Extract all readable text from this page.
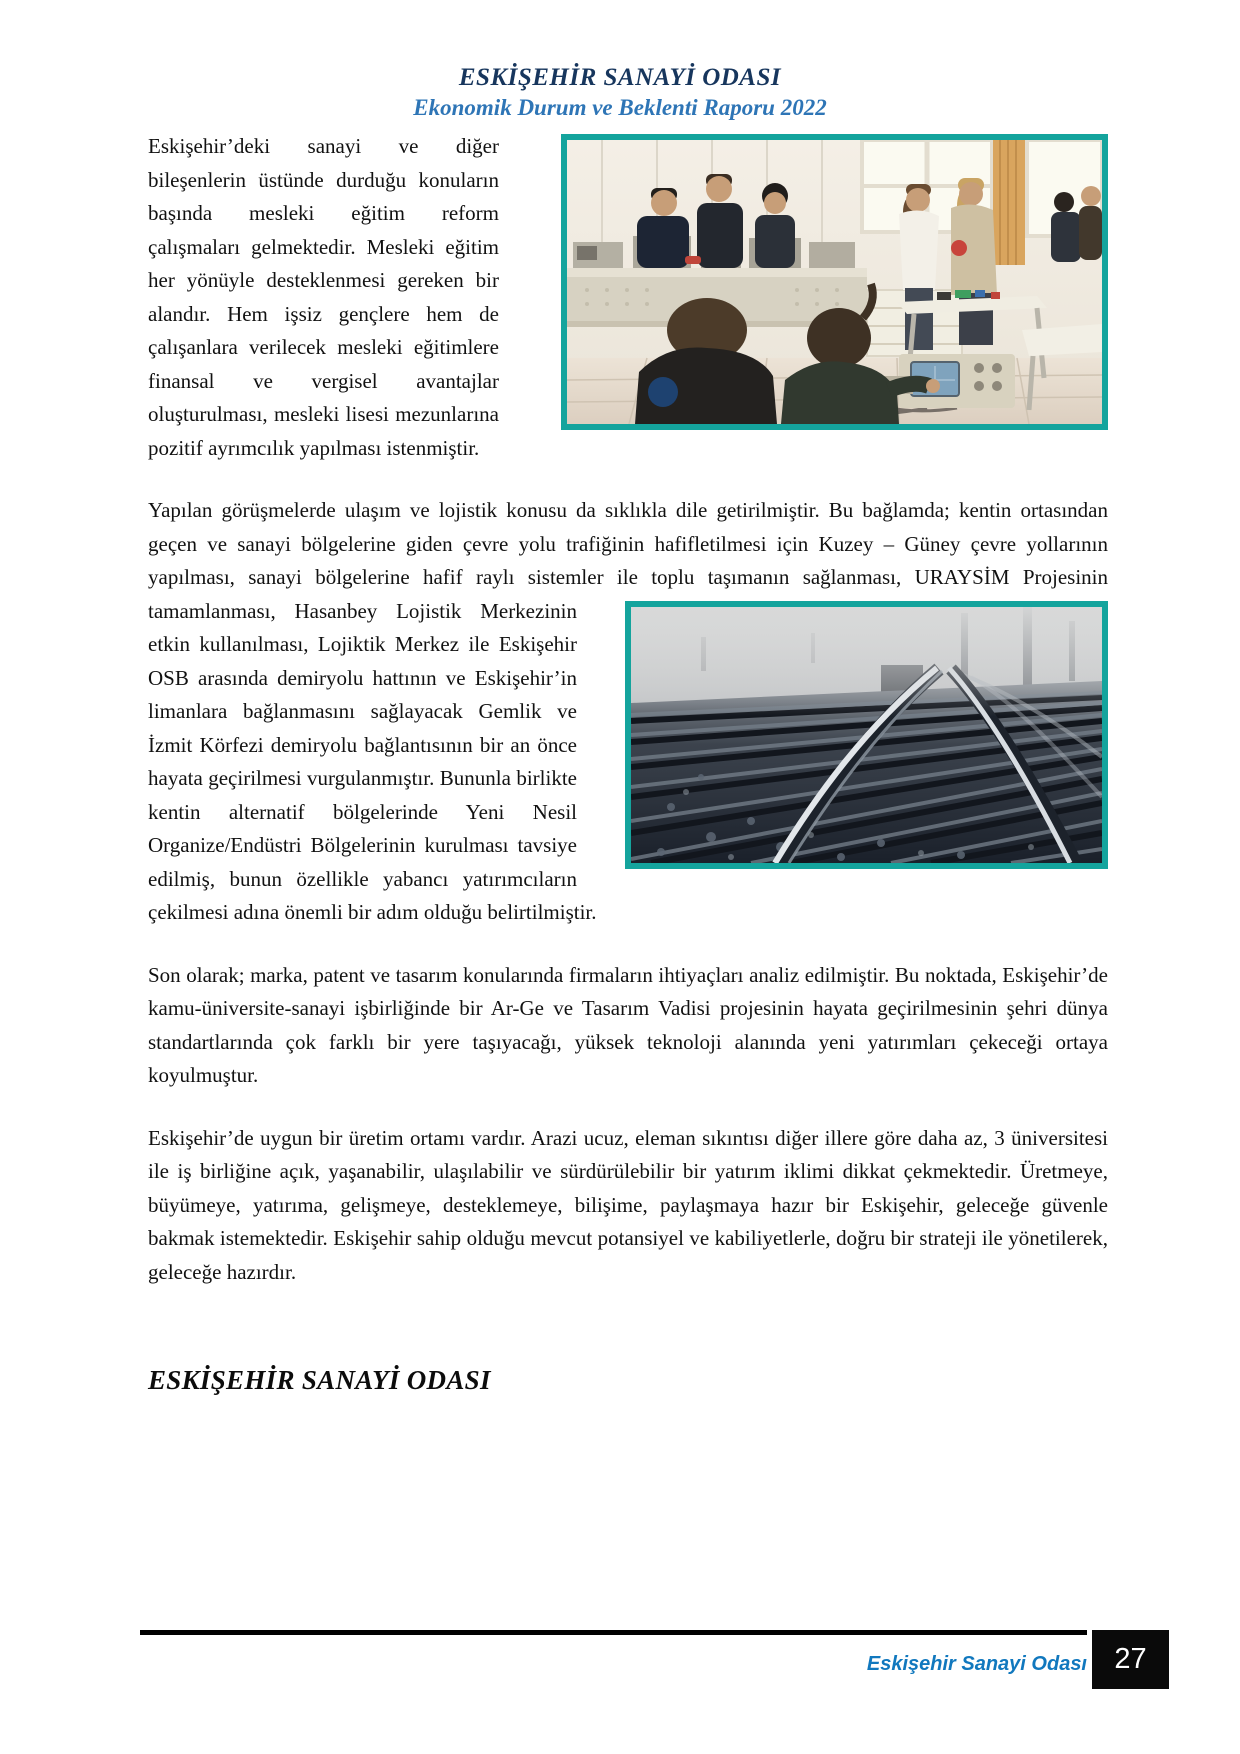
ESKİŞEHİR SANAYİ ODASI
Ekonomik Durum ve Beklenti Raporu 2022

Eskişehir’deki sanayi ve diğer bileşenlerin üstünde durduğu konuların başında mesleki eğitim reform çalışmaları gelmektedir. Mesleki eğitim her yönüyle desteklenmesi gereken bir alandır. Hem işsiz gençlere hem de çalışanlara verilecek mesleki eğitimlere finansal ve vergisel avantajlar oluşturulması, mesleki lisesi mezunlarına pozitif ayrımcılık yapılması istenmiştir.

Yapılan görüşmelerde ulaşım ve lojistik konusu da sıklıkla dile getirilmiştir. Bu bağlamda; kentin ortasından geçen ve sanayi bölgelerine giden çevre yolu trafiğinin hafifletilmesi için Kuzey – Güney çevre yollarının yapılması, sanayi bölgelerine hafif raylı sistemler ile toplu taşımanın sağlanması, URAYSİM Projesinin tamamlanması, Hasanbey Lojistik Merkezinin
etkin kullanılması, Lojiktik Merkez ile Eskişehir OSB arasında demiryolu hattının ve Eskişehir’in limanlara bağlanmasını sağlayacak Gemlik ve İzmit Körfezi demiryolu bağlantısının bir an önce hayata geçirilmesi vurgulanmıştır. Bununla birlikte kentin alternatif bölgelerinde Yeni Nesil Organize/Endüstri Bölgelerinin kurulması tavsiye edilmiş, bunun özellikle yabancı yatırımcıların çekilmesi adına önemli bir adım olduğu belirtilmiştir.

Son olarak; marka, patent ve tasarım konularında firmaların ihtiyaçları analiz edilmiştir. Bu noktada, Eskişehir’de kamu-üniversite-sanayi işbirliğinde bir Ar-Ge ve Tasarım Vadisi projesinin hayata geçirilmesinin şehri dünya standartlarında çok farklı bir yere taşıyacağı, yüksek teknoloji alanında yeni yatırımları çekeceği ortaya koyulmuştur.

Eskişehir’de uygun bir üretim ortamı vardır. Arazi ucuz, eleman sıkıntısı diğer illere göre daha az, 3 üniversitesi ile iş birliğine açık, yaşanabilir, ulaşılabilir ve sürdürülebilir bir yatırım iklimi dikkat çekmektedir. Üretmeye, büyümeye, yatırıma, gelişmeye, desteklemeye, bilişime, paylaşmaya hazır bir Eskişehir, geleceğe güvenle bakmak istemektedir. Eskişehir sahip olduğu mevcut potansiyel ve kabiliyetlerle, doğru bir strateji ile yönetilerek, geleceğe hazırdır.

ESKİŞEHİR SANAYİ ODASI
Eskişehir Sanayi Odası 27
